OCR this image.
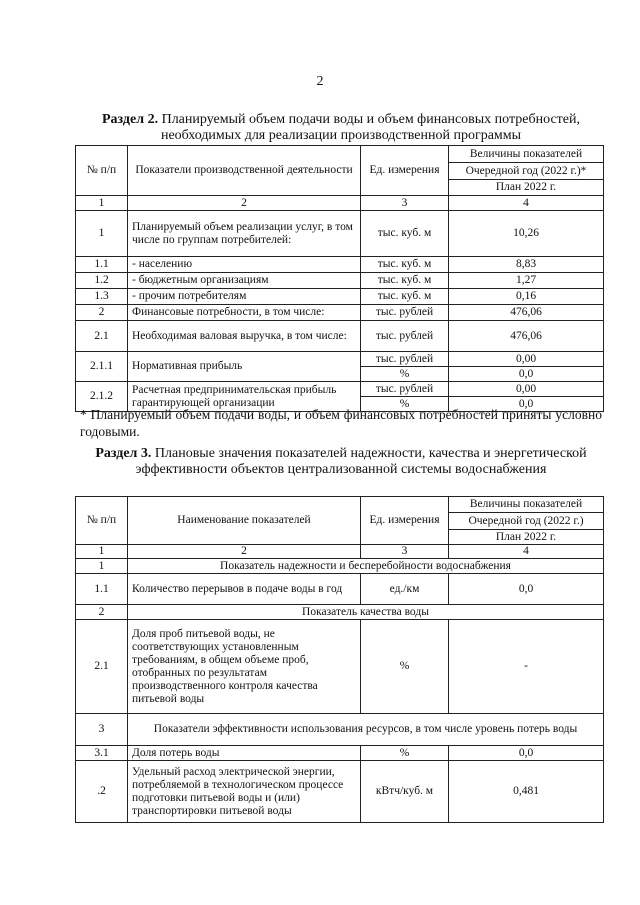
2
Раздел 2. Планируемый объем подачи воды и объем финансовых потребностей, необходимых для реализации производственной программы
№ п/п	Показатели производственной деятельности	Ед. измерения	Величины показателей
			Очередной год (2022 г.)*
			План 2022 г.
1	2	3	4
1	Планируемый объем реализации услуг, в том числе по группам потребителей:	тыс. куб. м	10,26
1.1	- населению	тыс. куб. м	8,83
1.2	- бюджетным организациям	тыс. куб. м	1,27
1.3	- прочим потребителям	тыс. куб. м	0,16
2	Финансовые потребности, в том числе:	тыс. рублей	476,06
2.1	Необходимая валовая выручка, в том числе:	тыс. рублей	476,06
2.1.1	Нормативная прибыль	тыс. рублей	0,00
		%	0,0
2.1.2	Расчетная предпринимательская прибыль гарантирующей организации	тыс. рублей	0,00
		%	0,0
* Планируемый объем подачи воды, и объем финансовых потребностей приняты условно годовыми.
Раздел 3. Плановые значения показателей надежности, качества и энергетической эффективности объектов централизованной системы водоснабжения
№ п/п	Наименование показателей	Ед. измерения	Величины показателей
			Очередной год (2022 г.)
			План 2022 г.
1	2	3	4
1	Показатель надежности и бесперебойности водоснабжения		
1.1	Количество перерывов в подаче воды в год	ед./км	0,0
2	Показатель качества воды		
2.1	Доля проб питьевой воды, не соответствующих установленным требованиям, в общем объеме проб, отобранных по результатам производственного контроля качества питьевой воды	%	-
3	Показатели эффективности использования ресурсов, в том числе уровень потерь воды		
3.1	Доля потерь воды	%	0,0
.2	Удельный расход электрической энергии, потребляемой в технологическом процессе подготовки питьевой воды и (или) транспортировки питьевой воды	кВтч/куб. м	0,481
